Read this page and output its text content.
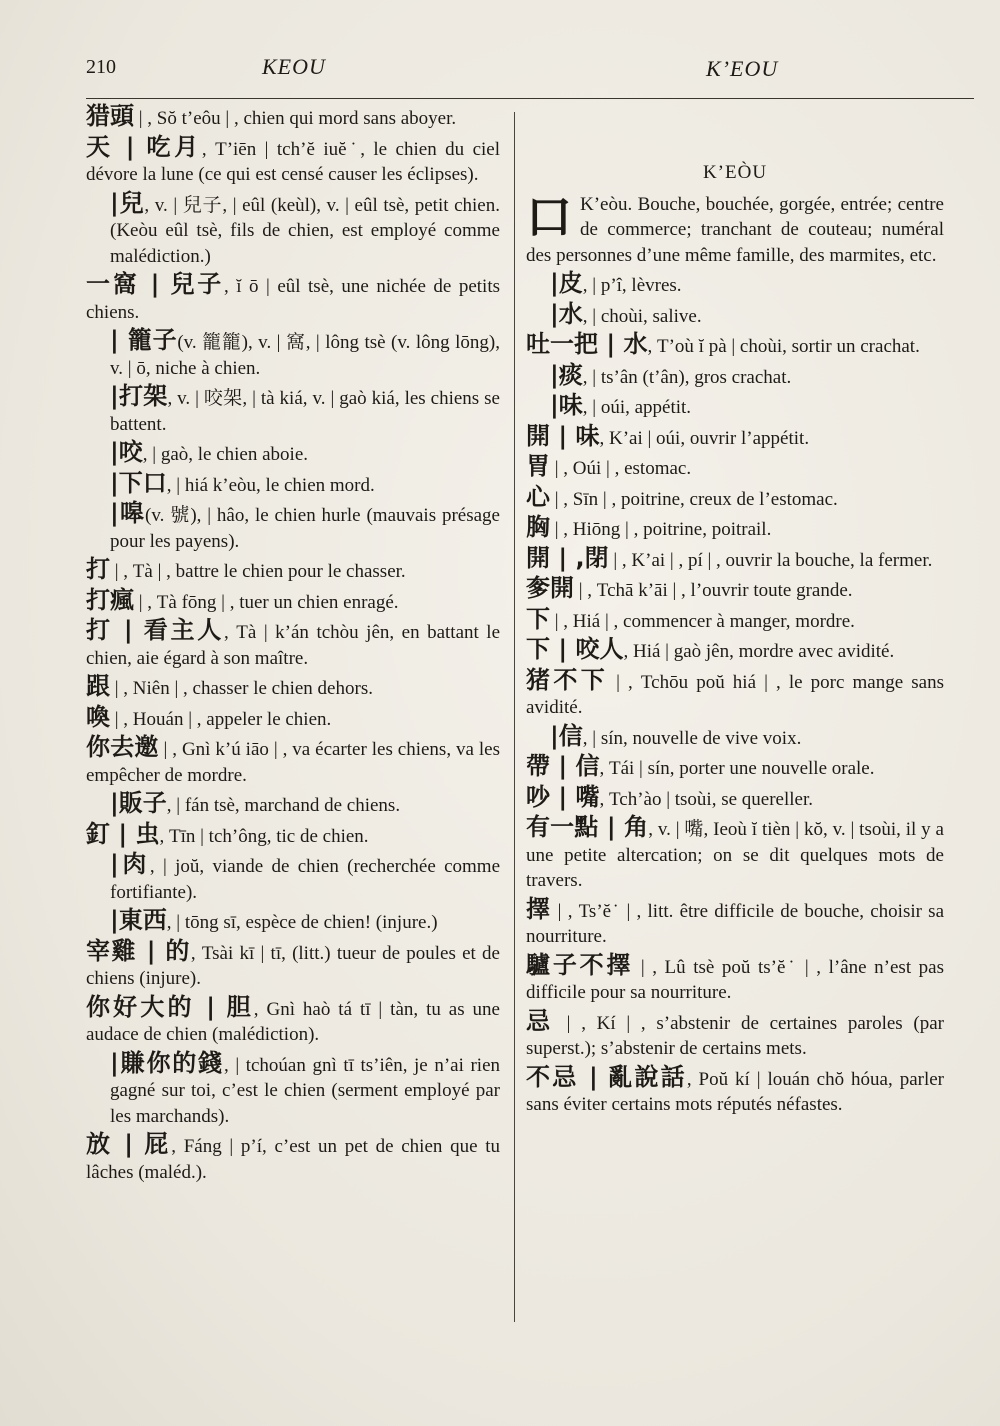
210	KEOU	K’EOU
猎頭 | , Sŏ t’eôu | , chien qui mord sans aboyer.
天 | 吃月, T’iēn | tch’ĕ iuĕ˙, le chien du ciel dévore la lune (ce qui est censé causer les éclipses).
|兒, v. | 兒子, | eûl (keùl), v. | eûl tsè, petit chien. (Keòu eûl tsè, fils de chien, est employé comme malédiction.)
一窩 | 兒子, ĭ ō | eûl tsè, une nichée de petits chiens.
| 籠子(v. 籠籠), v. | 窩, | lông tsè (v. lông lōng), v. | ō, niche à chien.
|打架, v. | 咬架, | tà kiá, v. | gaò kiá, les chiens se battent.
|咬, | gaò, le chien aboie.
|下口, | hiá k’eòu, le chien mord.
|嗥(v. 號), | hâo, le chien hurle (mauvais présage pour les payens).
打 | , Tà | , battre le chien pour le chasser.
打瘋 | , Tà fōng | , tuer un chien enragé.
打 | 看主人, Tà | k’án tchòu jên, en battant le chien, aie égard à son maître.
跟 | , Niên | , chasser le chien dehors.
喚 | , Houán | , appeler le chien.
你去邀 | , Gnì k’ú iāo | , va écarter les chiens, va les empêcher de mordre.
|販子, | fán tsè, marchand de chiens.
釘 | 虫, Tīn | tch’ông, tic de chien.
|肉, | joŭ, viande de chien (recherchée comme fortifiante).
|東西, | tōng sī, espèce de chien! (injure.)
宰雞 | 的, Tsài kī | tī, (litt.) tueur de poules et de chiens (injure).
你好大的 | 胆, Gnì haò tá tī | tàn, tu as une audace de chien (malédiction).
|賺你的錢, | tchoúan gnì tī ts’iên, je n’ai rien gagné sur toi, c’est le chien (serment employé par les marchands).
放 | 屁, Fáng | p’í, c’est un pet de chien que tu lâches (maléd.).
K’EÒU
口 K’eòu. Bouche, bouchée, gorgée, entrée; centre de commerce; tranchant de couteau; numéral des personnes d’une même famille, des marmites, etc.
|皮, | p’î, lèvres.
|水, | choùi, salive.
吐一把 | 水, T’où ĭ pà | choùi, sortir un crachat.
|痰, | ts’ân (t’ân), gros crachat.
|味, | oúi, appétit.
開 | 味, K’ai | oúi, ouvrir l’appétit.
胃 | , Oúi | , estomac.
心 | , Sīn | , poitrine, creux de l’estomac.
胸 | , Hiōng | , poitrine, poitrail.
開 | ,閉 | , K’ai | , pí | , ouvrir la bouche, la fermer.
奓開 | , Tchā k’āi | , l’ouvrir toute grande.
下 | , Hiá | , commencer à manger, mordre.
下 | 咬人, Hiá | gaò jên, mordre avec avidité.
猪不下 | , Tchōu poŭ hiá | , le porc mange sans avidité.
|信, | sín, nouvelle de vive voix.
帶 | 信, Tái | sín, porter une nouvelle orale.
吵 | 嘴, Tch’ào | tsoùi, se quereller.
有一點 | 角, v. | 嘴, Ieoù ĭ tièn | kŏ, v. | tsoùi, il y a une petite altercation; on se dit quelques mots de travers.
擇 | , Ts’ĕ˙ | , litt. être difficile de bouche, choisir sa nourriture.
驢子不擇 | , Lû tsè poŭ ts’ĕ˙ | , l’âne n’est pas difficile pour sa nourriture.
忌 | , Kí | , s’abstenir de certaines paroles (par superst.); s’abstenir de certains mets.
不忌 | 亂說話, Poŭ kí | louán chŏ hóua, parler sans éviter certains mots réputés néfastes.
